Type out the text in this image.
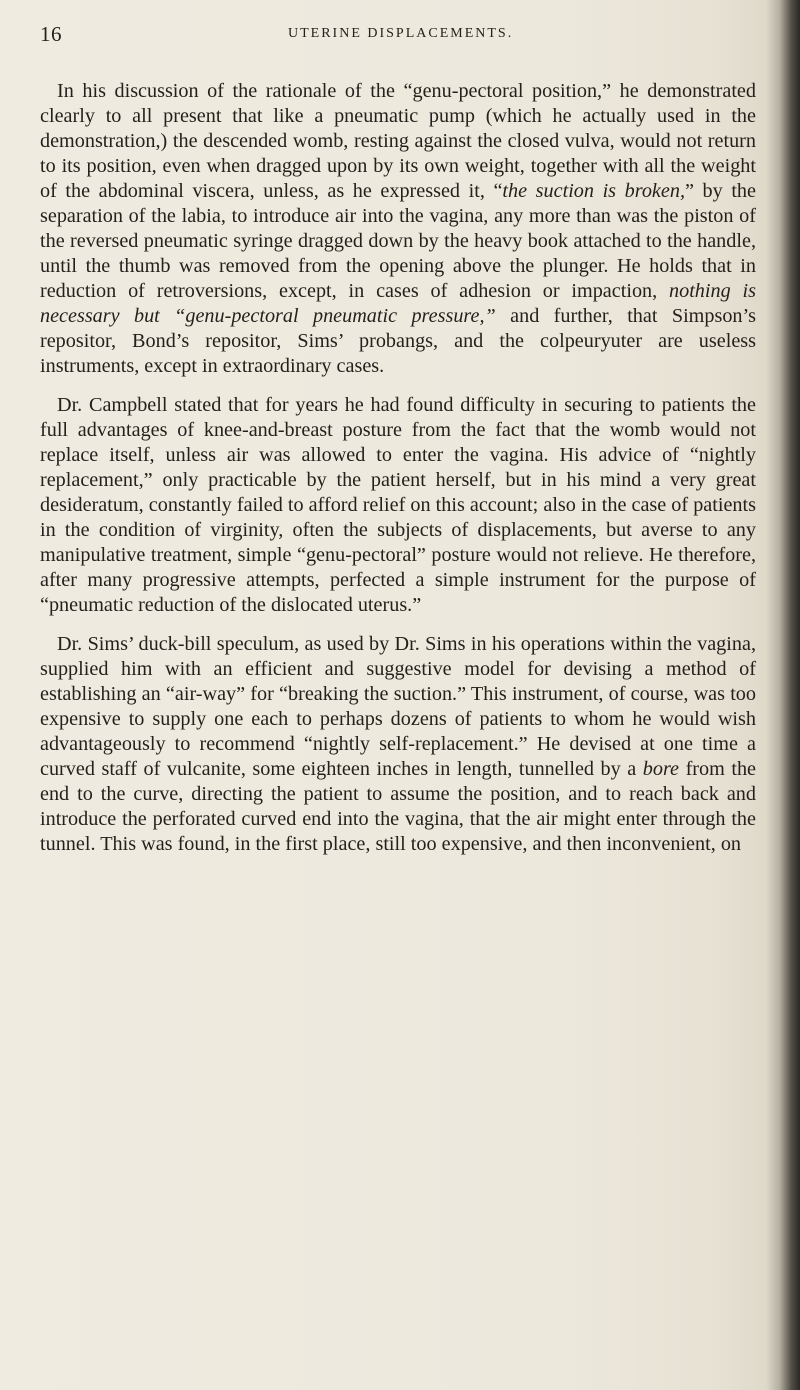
16	UTERINE DISPLACEMENTS.

In his discussion of the rationale of the “genu-pectoral position,” he demonstrated clearly to all present that like a pneumatic pump (which he actually used in the demonstration,) the descended womb, resting against the closed vulva, would not return to its position, even when dragged upon by its own weight, together with all the weight of the abdominal viscera, unless, as he expressed it, “the suction is broken,” by the separation of the labia, to introduce air into the vagina, any more than was the piston of the reversed pneumatic syringe dragged down by the heavy book attached to the handle, until the thumb was removed from the opening above the plunger. He holds that in reduction of retroversions, except, in cases of adhesion or impaction, nothing is necessary but “genu-pectoral pneumatic pressure,” and further, that Simpson’s repositor, Bond’s repositor, Sims’ probangs, and the colpeuryuter are useless instruments, except in extraordinary cases.

Dr. Campbell stated that for years he had found difficulty in securing to patients the full advantages of knee-and-breast posture from the fact that the womb would not replace itself, unless air was allowed to enter the vagina. His advice of “nightly replacement,” only practicable by the patient herself, but in his mind a very great desideratum, constantly failed to afford relief on this account; also in the case of patients in the condition of virginity, often the subjects of displacements, but averse to any manipulative treatment, simple “genu-pectoral” posture would not relieve. He therefore, after many progressive attempts, perfected a simple instrument for the purpose of “pneumatic reduction of the dislocated uterus.”

Dr. Sims’ duck-bill speculum, as used by Dr. Sims in his operations within the vagina, supplied him with an efficient and suggestive model for devising a method of establishing an “air-way” for “breaking the suction.” This instrument, of course, was too expensive to supply one each to perhaps dozens of patients to whom he would wish advantageously to recommend “nightly self-replacement.” He devised at one time a curved staff of vulcanite, some eighteen inches in length, tunnelled by a bore from the end to the curve, directing the patient to assume the position, and to reach back and introduce the perforated curved end into the vagina, that the air might enter through the tunnel. This was found, in the first place, still too expensive, and then inconvenient, on
